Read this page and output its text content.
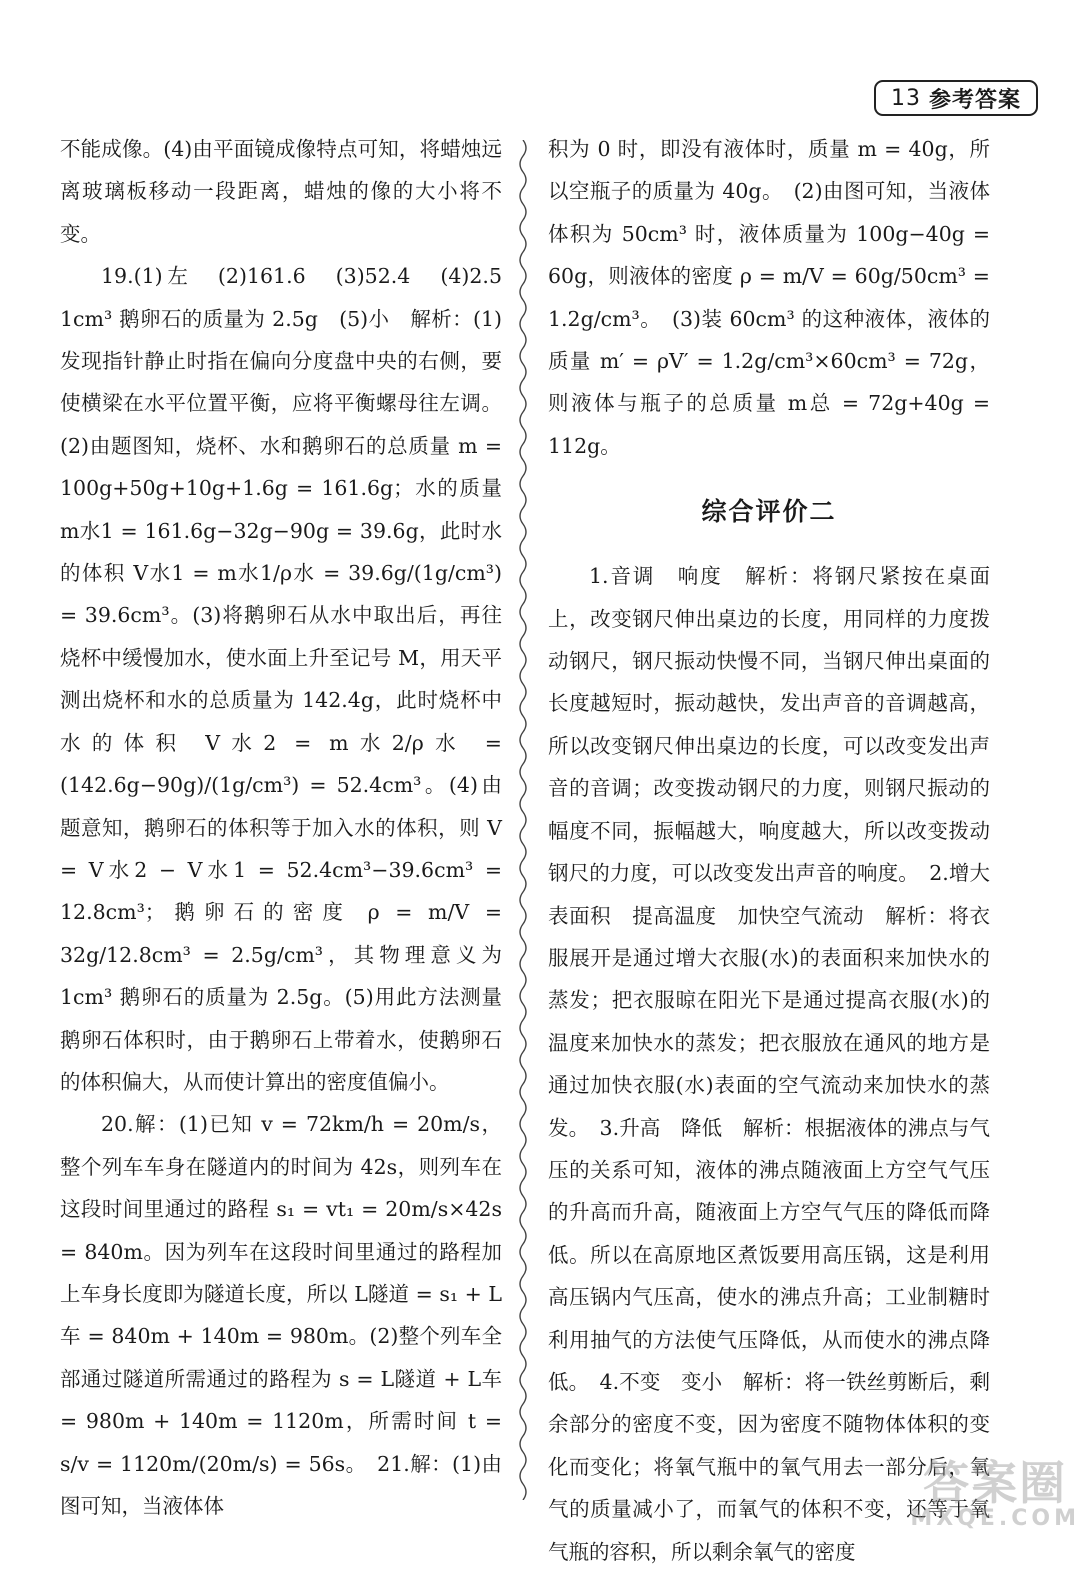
13 参考答案

不能成像。(4)由平面镜成像特点可知，将蜡烛远离玻璃板移动一段距离，蜡烛的像的大小将不变。

19.(1)左　(2)161.6　(3)52.4　(4)2.5　1cm³ 鹅卵石的质量为 2.5g　(5)小　解析：(1)发现指针静止时指在偏向分度盘中央的右侧，要使横梁在水平位置平衡，应将平衡螺母往左调。(2)由题图知，烧杯、水和鹅卵石的总质量 m = 100g+50g+10g+1.6g = 161.6g；水的质量 m水1 = 161.6g−32g−90g = 39.6g，此时水的体积 V水1 = m水1/ρ水 = 39.6g/(1g/cm³) = 39.6cm³。(3)将鹅卵石从水中取出后，再往烧杯中缓慢加水，使水面上升至记号 M，用天平测出烧杯和水的总质量为 142.4g，此时烧杯中水的体积 V水2 = m水2/ρ水 = (142.6g−90g)/(1g/cm³) = 52.4cm³。(4)由题意知，鹅卵石的体积等于加入水的体积，则 V = V水2 − V水1 = 52.4cm³−39.6cm³ = 12.8cm³；鹅卵石的密度 ρ = m/V = 32g/12.8cm³ = 2.5g/cm³，其物理意义为 1cm³ 鹅卵石的质量为 2.5g。(5)用此方法测量鹅卵石体积时，由于鹅卵石上带着水，使鹅卵石的体积偏大，从而使计算出的密度值偏小。

20.解：(1)已知 v = 72km/h = 20m/s，整个列车车身在隧道内的时间为 42s，则列车在这段时间里通过的路程 s₁ = vt₁ = 20m/s×42s = 840m。因为列车在这段时间里通过的路程加上车身长度即为隧道长度，所以 L隧道 = s₁ + L车 = 840m + 140m = 980m。(2)整个列车全部通过隧道所需通过的路程为 s = L隧道 + L车 = 980m + 140m = 1120m，所需时间 t = s/v = 1120m/(20m/s) = 56s。　21.解：(1)由图可知，当液体体

积为 0 时，即没有液体时，质量 m = 40g，所以空瓶子的质量为 40g。　(2)由图可知，当液体体积为 50cm³ 时，液体质量为 100g−40g = 60g，则液体的密度 ρ = m/V = 60g/50cm³ = 1.2g/cm³。　(3)装 60cm³ 的这种液体，液体的质量 m′ = ρV′ = 1.2g/cm³×60cm³ = 72g，则液体与瓶子的总质量 m总 = 72g+40g = 112g。

综合评价二

1.音调　响度　解析：将钢尺紧按在桌面上，改变钢尺伸出桌边的长度，用同样的力度拨动钢尺，钢尺振动快慢不同，当钢尺伸出桌面的长度越短时，振动越快，发出声音的音调越高，所以改变钢尺伸出桌边的长度，可以改变发出声音的音调；改变拨动钢尺的力度，则钢尺振动的幅度不同，振幅越大，响度越大，所以改变拨动钢尺的力度，可以改变发出声音的响度。　2.增大表面积　提高温度　加快空气流动　解析：将衣服展开是通过增大衣服(水)的表面积来加快水的蒸发；把衣服晾在阳光下是通过提高衣服(水)的温度来加快水的蒸发；把衣服放在通风的地方是通过加快衣服(水)表面的空气流动来加快水的蒸发。　3.升高　降低　解析：根据液体的沸点与气压的关系可知，液体的沸点随液面上方空气气压的升高而升高，随液面上方空气气压的降低而降低。所以在高原地区煮饭要用高压锅，这是利用高压锅内气压高，使水的沸点升高；工业制糖时利用抽气的方法使气压降低，从而使水的沸点降低。　4.不变　变小　解析：将一铁丝剪断后，剩余部分的密度不变，因为密度不随物体体积的变化而变化；将氧气瓶中的氧气用去一部分后，氧气的质量减小了，而氧气的体积不变，还等于氧气瓶的容积，所以剩余氧气的密度

答案圈
MXQE.COM
